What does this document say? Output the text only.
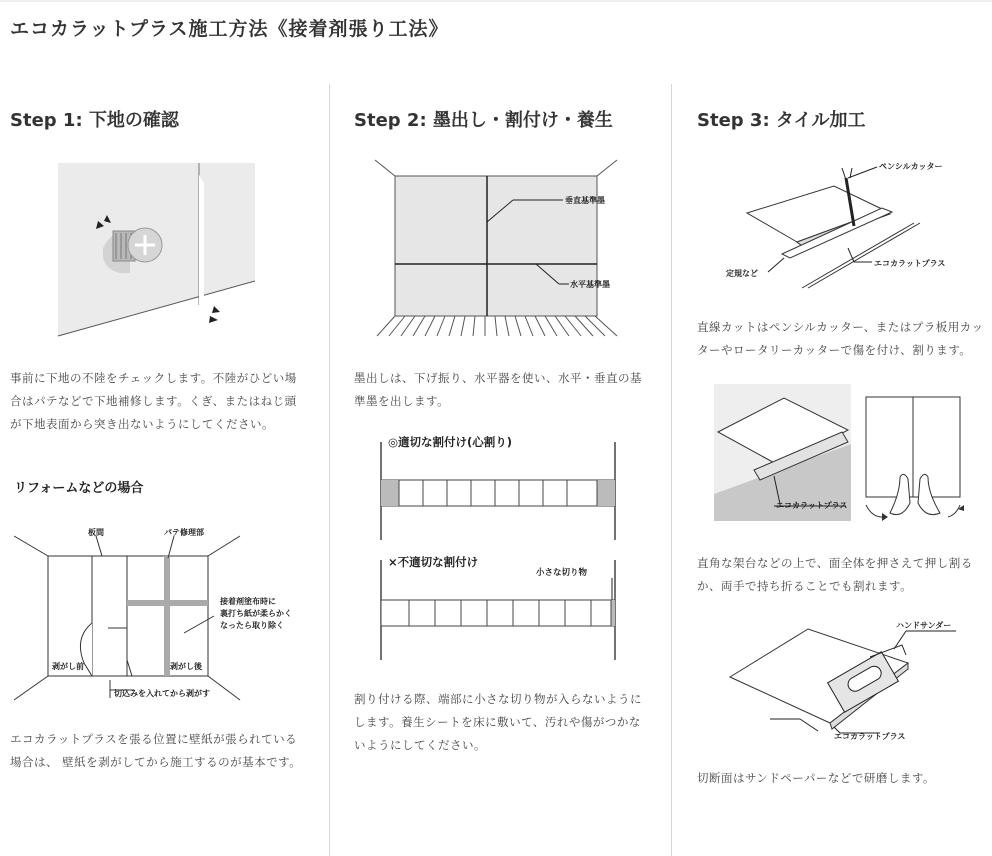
エコカラットプラス施工方法《接着剤張り工法》
Step 1: 下地の確認
事前に下地の不陸をチェックします。不陸がひどい場合はパテなどで下地補修します。くぎ、またはねじ頭が下地表面から突き出ないようにしてください。
リフォームなどの場合
板間	パテ修理部
接着剤塗布時に
裏打ち紙が柔らかく
なったら取り除く
剥がし前	剥がし後
切込みを入れてから剥がす
エコカラットプラスを張る位置に壁紙が張られている場合は、 壁紙を剥がしてから施工するのが基本です。
Step 2: 墨出し・割付け・養生
垂直基準墨
水平基準墨
墨出しは、下げ振り、水平器を使い、水平・垂直の基準墨を出します。
◎適切な割付け(心割り)
×不適切な割付け
小さな切り物
割り付ける際、端部に小さな切り物が入らないようにします。養生シートを床に敷いて、汚れや傷がつかないようにしてください。
Step 3: タイル加工
ペンシルカッター
定規など
エコカラットプラス
直線カットはペンシルカッター、またはプラ板用カッターやロータリーカッターで傷を付け、割ります。
エコカラットプラス
直角な架台などの上で、面全体を押さえて押し割るか、両手で持ち折ることでも割れます。
ハンドサンダー
エコカラットプラス
切断面はサンドペーパーなどで研磨します。
